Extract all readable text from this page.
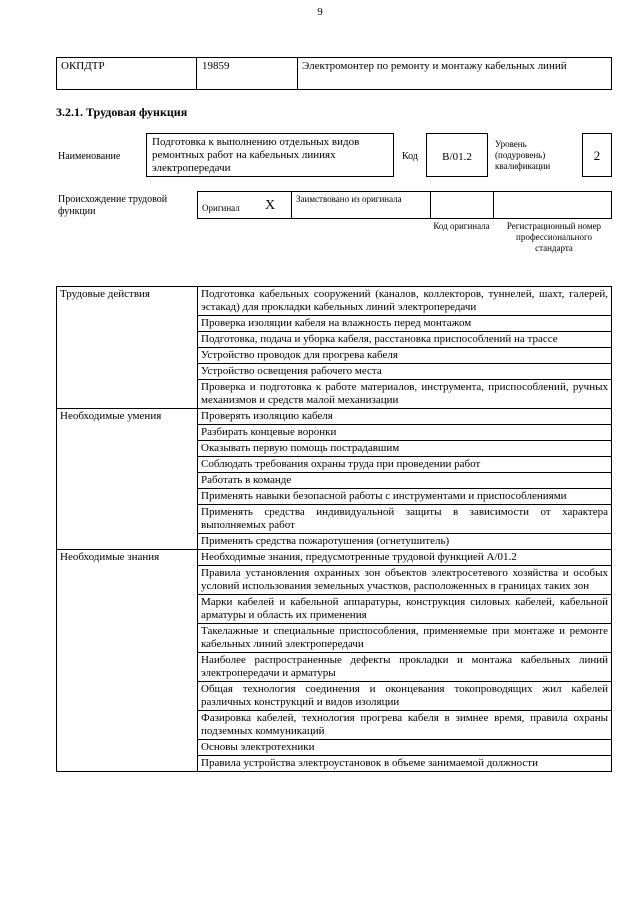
9
ОКПДТР	19859	Электромонтер по ремонту и монтажу кабельных линий
3.2.1. Трудовая функция
Наименование
Подготовка к выполнению отдельных видов ремонтных работ на кабельных линиях электропередачи
Код	B/01.2
Уровень (подуровень) квалификации
2
Происхождение трудовой функции	Оригинал X Заимствовано из оригинала
Код оригинала	Регистрационный номер профессионального стандарта
Трудовые действия	Подготовка кабельных сооружений (каналов, коллекторов, туннелей, шахт, галерей, эстакад) для прокладки кабельных линий электропередачи
	Проверка изоляции кабеля на влажность перед монтажом
	Подготовка, подача и уборка кабеля, расстановка приспособлений на трассе
	Устройство проводок для прогрева кабеля
	Устройство освещения рабочего места
	Проверка и подготовка к работе материалов, инструмента, приспособлений, ручных механизмов и средств малой механизации
Необходимые умения	Проверять изоляцию кабеля
	Разбирать концевые воронки
	Оказывать первую помощь пострадавшим
	Соблюдать требования охраны труда при проведении работ
	Работать в команде
	Применять навыки безопасной работы с инструментами и приспособлениями
	Применять средства индивидуальной защиты в зависимости от характера выполняемых работ
	Применять средства пожаротушения (огнетушитель)
Необходимые знания	Необходимые знания, предусмотренные трудовой функцией А/01.2
	Правила установления охранных зон объектов электросетевого хозяйства и особых условий использования земельных участков, расположенных в границах таких зон
	Марки кабелей и кабельной аппаратуры, конструкция силовых кабелей, кабельной арматуры и область их применения
	Такелажные и специальные приспособления, применяемые при монтаже и ремонте кабельных линий электропередачи
	Наиболее распространенные дефекты прокладки и монтажа кабельных линий электропередачи и арматуры
	Общая технология соединения и оконцевания токопроводящих жил кабелей различных конструкций и видов изоляции
	Фазировка кабелей, технология прогрева кабеля в зимнее время, правила охраны подземных коммуникаций
	Основы электротехники
	Правила устройства электроустановок в объеме занимаемой должности
